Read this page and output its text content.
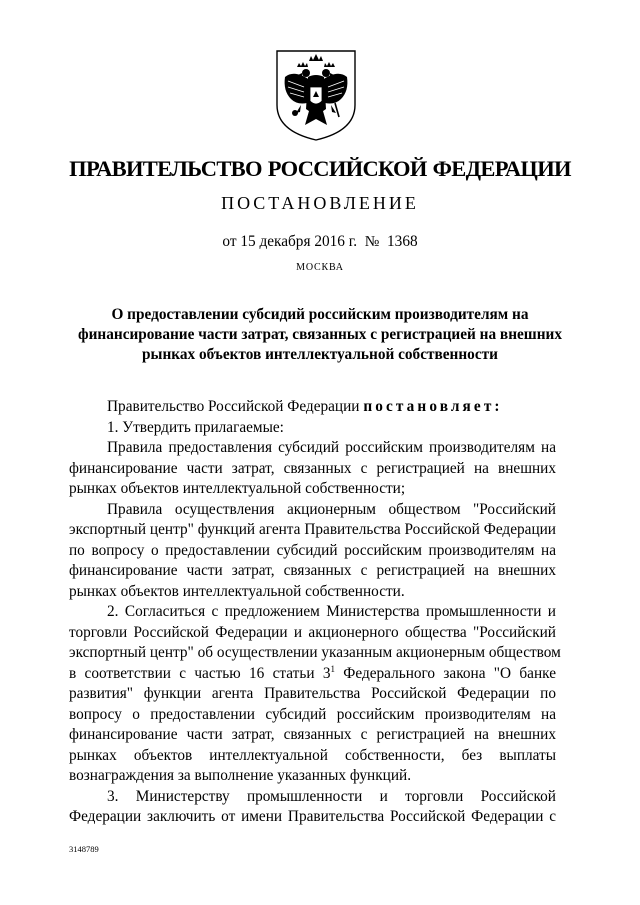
ПРАВИТЕЛЬСТВО РОССИЙСКОЙ ФЕДЕРАЦИИ
ПОСТАНОВЛЕНИЕ
от 15 декабря 2016 г. № 1368
МОСКВА
О предоставлении субсидий российским производителям на
финансирование части затрат, связанных с регистрацией на внешних
рынках объектов интеллектуальной собственности
Правительство Российской Федерации постановляет:
1. Утвердить прилагаемые:
Правила предоставления субсидий российским производителям на
финансирование части затрат, связанных с регистрацией на внешних
рынках объектов интеллектуальной собственности;
Правила осуществления акционерным обществом "Российский
экспортный центр" функций агента Правительства Российской Федерации
по вопросу о предоставлении субсидий российским производителям на
финансирование части затрат, связанных с регистрацией на внешних
рынках объектов интеллектуальной собственности.
2. Согласиться с предложением Министерства промышленности и
торговли Российской Федерации и акционерного общества "Российский
экспортный центр" об осуществлении указанным акционерным обществом
в соответствии с частью 16 статьи $3^1$ Федерального закона "О банке
развития" функции агента Правительства Российской Федерации по
вопросу о предоставлении субсидий российским производителям на
финансирование части затрат, связанных с регистрацией на внешних
рынках объектов интеллектуальной собственности, без выплаты
вознаграждения за выполнение указанных функций.
3. Министерству промышленности и торговли Российской
Федерации заключить от имени Правительства Российской Федерации с
3148789
